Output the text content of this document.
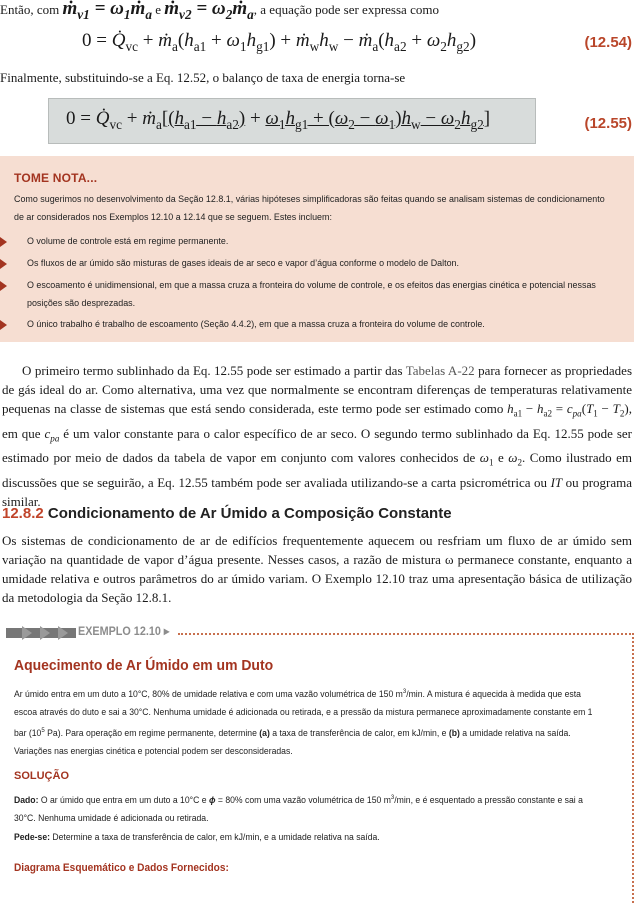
Então, com ṁ$_{v1}$ = $\omega_1ṁ_a$ e ṁ$_{v2}$ = $\omega_2ṁ_a$, a equação pode ser expressa como
$0 = Q̇_{vc}$ + $ṁ_a(h_{a1} + \omega_1h_{g1})$ + $ṁ_wh_w$ − $ṁ_a(h_{a2} + \omega_2h_{g2})$	(12.54)
Finalmente, substituindo-se a Eq. 12.52, o balanço de taxa de energia torna-se
$0 = Q̇_{vc}$ + $ṁ_a[(h_{a1} - h_{a2}) + \omega_1h_{g1} + (\omega_2 - \omega_1)h_w - \omega_2h_{g2}]$	(12.55)
TOME NOTA...
Como sugerimos no desenvolvimento da Seção 12.8.1, várias hipóteses simplificadoras são feitas quando se analisam sistemas de condicionamento de ar considerados nos Exemplos 12.10 a 12.14 que se seguem. Estes incluem:
O volume de controle está em regime permanente.
Os fluxos de ar úmido são misturas de gases ideais de ar seco e vapor d’água conforme o modelo de Dalton.
O escoamento é unidimensional, em que a massa cruza a fronteira do volume de controle, e os efeitos das energias cinética e potencial nessas posições são desprezadas.
O único trabalho é trabalho de escoamento (Seção 4.4.2), em que a massa cruza a fronteira do volume de controle.
O primeiro termo sublinhado da Eq. 12.55 pode ser estimado a partir das Tabelas A-22 para fornecer as propriedades de gás ideal do ar. Como alternativa, uma vez que normalmente se encontram diferenças de temperaturas relativamente pequenas na classe de sistemas que está sendo considerada, este termo pode ser estimado como $h_{a1} - h_{a2} = c_{pa}(T_1 - T_2)$, em que $c_{pa}$ é um valor constante para o calor específico de ar seco. O segundo termo sublinhado da Eq. 12.55 pode ser estimado por meio de dados da tabela de vapor em conjunto com valores conhecidos de $\omega_1$ e $\omega_2$. Como ilustrado em discussões que se seguirão, a Eq. 12.55 também pode ser avaliada utilizando-se a carta psicrométrica ou IT ou programa similar.
12.8.2 Condicionamento de Ar Úmido a Composição Constante
Os sistemas de condicionamento de ar de edifícios frequentemente aquecem ou resfriam um fluxo de ar úmido sem variação na quantidade de vapor d’água presente. Nesses casos, a razão de mistura ω permanece constante, enquanto a umidade relativa e outros parâmetros do ar úmido variam. O Exemplo 12.10 traz uma apresentação básica de utilização da metodologia da Seção 12.8.1.
EXEMPLO 12.10 ▸
Aquecimento de Ar Úmido em um Duto
Ar úmido entra em um duto a 10°C, 80% de umidade relativa e com uma vazão volumétrica de 150 $m^3/\min$. A mistura é aquecida à medida que esta escoa através do duto e sai a 30°C. Nenhuma umidade é adicionada ou retirada, e a pressão da mistura permanece aproximadamente constante em 1 bar ($10^5$ Pa). Para operação em regime permanente, determine (a) a taxa de transferência de calor, em kJ/min, e (b) a umidade relativa na saída. Variações nas energias cinética e potencial podem ser desconsideradas.
SOLUÇÃO
Dado: O ar úmido que entra em um duto a 10°C e ϕ = 80% com uma vazão volumétrica de 150 $m^3/\min$, e é esquentado a pressão constante e sai a 30°C. Nenhuma umidade é adicionada ou retirada.
Pede-se: Determine a taxa de transferência de calor, em kJ/min, e a umidade relativa na saída.
Diagrama Esquemático e Dados Fornecidos:
